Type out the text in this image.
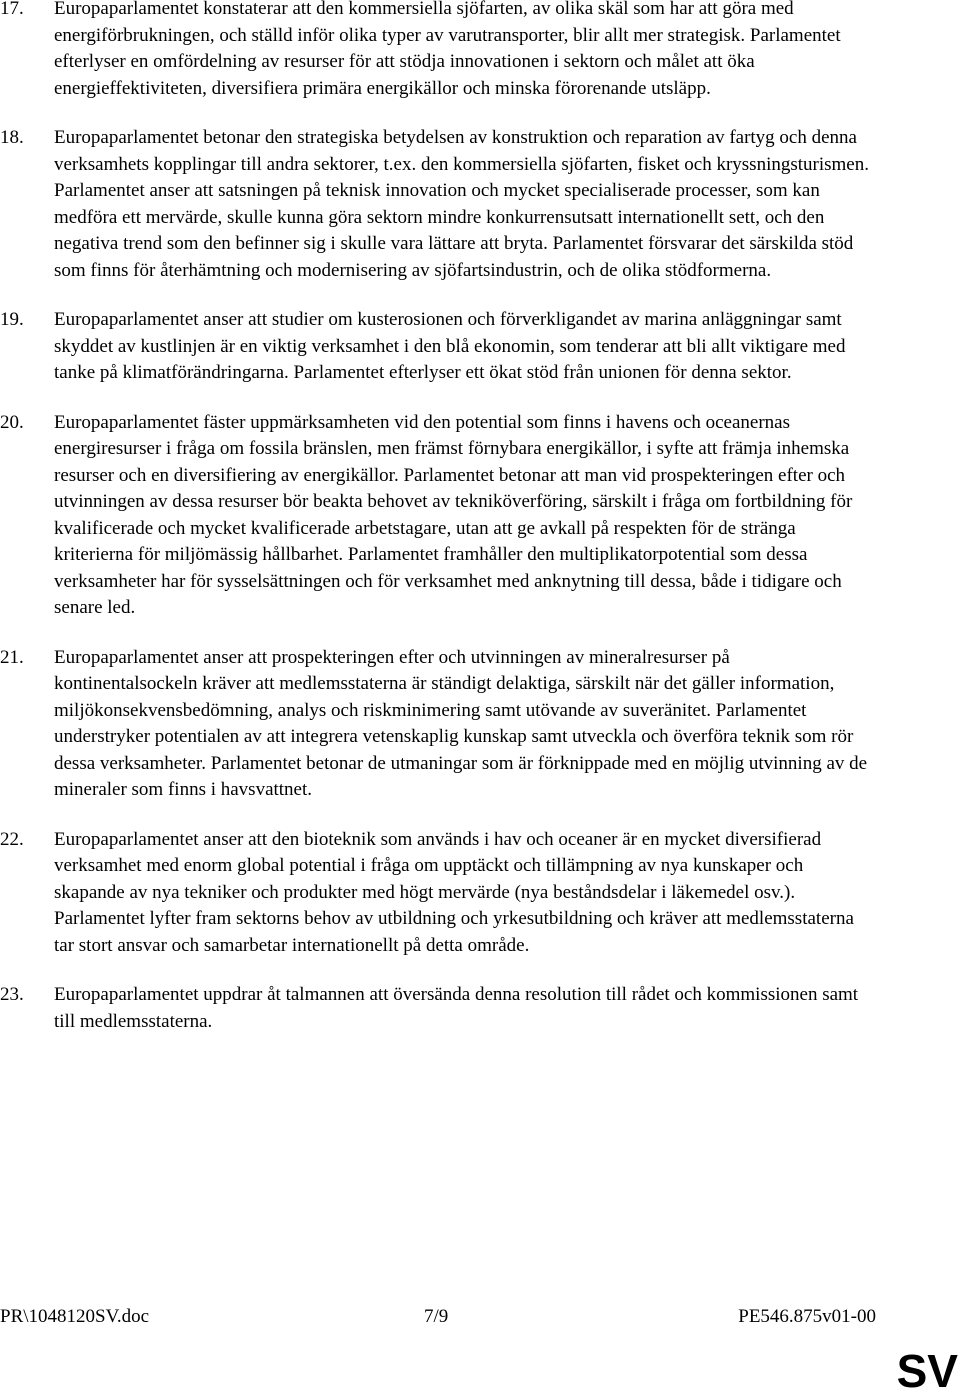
17.	Europaparlamentet konstaterar att den kommersiella sjöfarten, av olika skäl som har att göra med energiförbrukningen, och ställd inför olika typer av varutransporter, blir allt mer strategisk. Parlamentet efterlyser en omfördelning av resurser för att stödja innovationen i sektorn och målet att öka energieffektiviteten, diversifiera primära energikällor och minska förorenande utsläpp.
18.	Europaparlamentet betonar den strategiska betydelsen av konstruktion och reparation av fartyg och denna verksamhets kopplingar till andra sektorer, t.ex. den kommersiella sjöfarten, fisket och kryssningsturismen. Parlamentet anser att satsningen på teknisk innovation och mycket specialiserade processer, som kan medföra ett mervärde, skulle kunna göra sektorn mindre konkurrensutsatt internationellt sett, och den negativa trend som den befinner sig i skulle vara lättare att bryta. Parlamentet försvarar det särskilda stöd som finns för återhämtning och modernisering av sjöfartsindustrin, och de olika stödformerna.
19.	Europaparlamentet anser att studier om kusterosionen och förverkligandet av marina anläggningar samt skyddet av kustlinjen är en viktig verksamhet i den blå ekonomin, som tenderar att bli allt viktigare med tanke på klimatförändringarna. Parlamentet efterlyser ett ökat stöd från unionen för denna sektor.
20.	Europaparlamentet fäster uppmärksamheten vid den potential som finns i havens och oceanernas energiresurser i fråga om fossila bränslen, men främst förnybara energikällor, i syfte att främja inhemska resurser och en diversifiering av energikällor. Parlamentet betonar att man vid prospekteringen efter och utvinningen av dessa resurser bör beakta behovet av tekniköverföring, särskilt i fråga om fortbildning för kvalificerade och mycket kvalificerade arbetstagare, utan att ge avkall på respekten för de stränga kriterierna för miljömässig hållbarhet. Parlamentet framhåller den multiplikatorpotential som dessa verksamheter har för sysselsättningen och för verksamhet med anknytning till dessa, både i tidigare och senare led.
21.	Europaparlamentet anser att prospekteringen efter och utvinningen av mineralresurser på kontinentalsockeln kräver att medlemsstaterna är ständigt delaktiga, särskilt när det gäller information, miljökonsekvensbedömning, analys och riskminimering samt utövande av suveränitet. Parlamentet understryker potentialen av att integrera vetenskaplig kunskap samt utveckla och överföra teknik som rör dessa verksamheter. Parlamentet betonar de utmaningar som är förknippade med en möjlig utvinning av de mineraler som finns i havsvattnet.
22.	Europaparlamentet anser att den bioteknik som används i hav och oceaner är en mycket diversifierad verksamhet med enorm global potential i fråga om upptäckt och tillämpning av nya kunskaper och skapande av nya tekniker och produkter med högt mervärde (nya beståndsdelar i läkemedel osv.). Parlamentet lyfter fram sektorns behov av utbildning och yrkesutbildning och kräver att medlemsstaterna tar stort ansvar och samarbetar internationellt på detta område.
23.	Europaparlamentet uppdrar åt talmannen att översända denna resolution till rådet och kommissionen samt till medlemsstaterna.
PR\1048120SV.doc	7/9	PE546.875v01-00
SV
